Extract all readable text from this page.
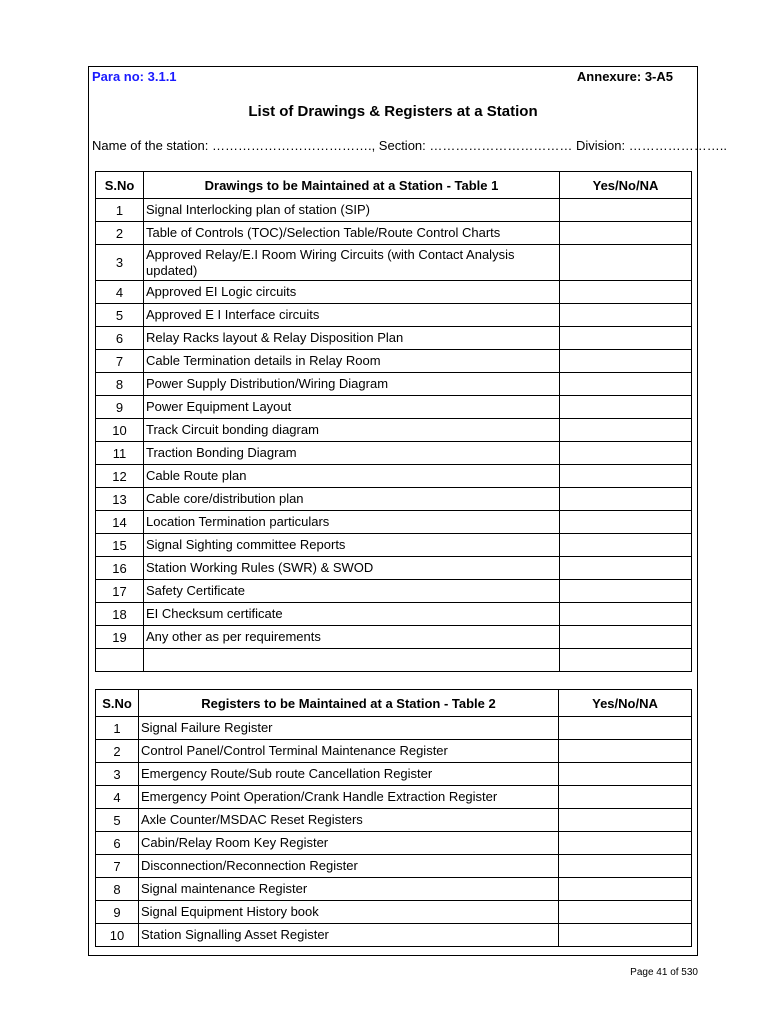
Para no: 3.1.1	Annexure: 3-A5
List of Drawings & Registers at a Station
Name of the station: ………………………………., Section: …………………………… Division: …………………..
S.No	Drawings to be Maintained at a Station - Table 1	Yes/No/NA
1	Signal Interlocking plan of station (SIP)	
2	Table of Controls (TOC)/Selection Table/Route Control Charts	
3	Approved Relay/E.I Room Wiring Circuits (with Contact Analysis updated)	
4	Approved EI Logic circuits	
5	Approved E I Interface circuits	
6	Relay Racks layout & Relay Disposition Plan	
7	Cable Termination details in Relay Room	
8	Power Supply Distribution/Wiring Diagram	
9	Power Equipment Layout	
10	Track Circuit bonding diagram	
11	Traction Bonding Diagram	
12	Cable Route plan	
13	Cable core/distribution plan	
14	Location Termination particulars	
15	Signal Sighting committee Reports	
16	Station Working Rules (SWR) & SWOD	
17	Safety Certificate	
18	EI Checksum certificate	
19	Any other as per requirements	

S.No	Registers to be Maintained at a Station - Table 2	Yes/No/NA
1	Signal Failure Register	
2	Control Panel/Control Terminal Maintenance Register	
3	Emergency Route/Sub route Cancellation Register	
4	Emergency Point Operation/Crank Handle Extraction Register	
5	Axle Counter/MSDAC Reset Registers	
6	Cabin/Relay Room Key Register	
7	Disconnection/Reconnection Register	
8	Signal maintenance Register	
9	Signal Equipment History book	
10	Station Signalling Asset Register	
Page 41 of 530
